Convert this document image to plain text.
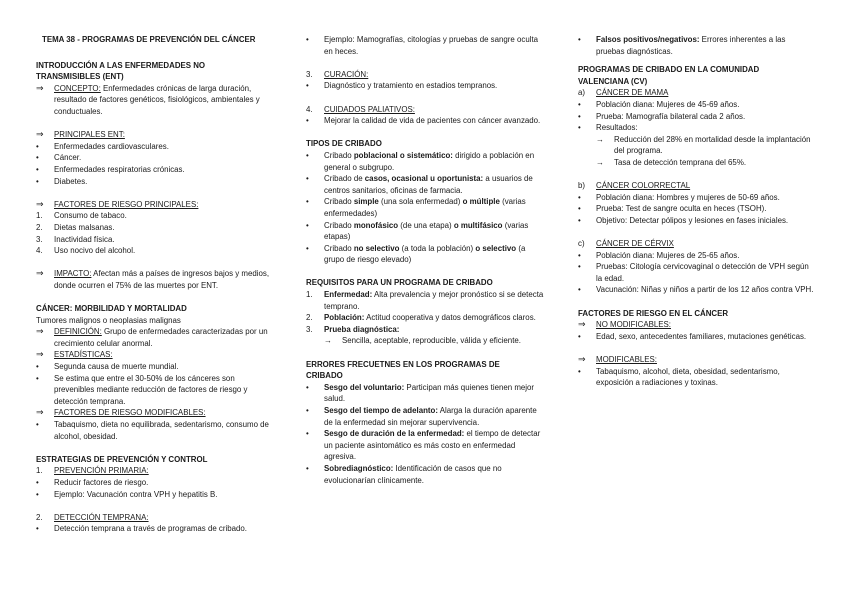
TEMA 38 - PROGRAMAS DE PREVENCIÓN DEL CÁNCER
INTRODUCCIÓN A LAS ENFERMEDADES NO
TRANSMISIBLES (ENT)
⇒ CONCEPTO: Enfermedades crónicas de larga duración, resultado de factores genéticos, fisiológicos, ambientales y conductuales.
⇒ PRINCIPALES ENT:
• Enfermedades cardiovasculares.
• Cáncer.
• Enfermedades respiratorias crónicas.
• Diabetes.
⇒ FACTORES DE RIESGO PRINCIPALES:
1. Consumo de tabaco.
2. Dietas malsanas.
3. Inactividad física.
4. Uso nocivo del alcohol.
⇒ IMPACTO: Afectan más a países de ingresos bajos y medios, donde ocurren el 75% de las muertes por ENT.
CÁNCER: MORBILIDAD Y MORTALIDAD
Tumores malignos o neoplasias malignas
⇒ DEFINICIÓN: Grupo de enfermedades caracterizadas por un crecimiento celular anormal.
⇒ ESTADÍSTICAS:
• Segunda causa de muerte mundial.
• Se estima que entre el 30-50% de los cánceres son prevenibles mediante reducción de factores de riesgo y detección temprana.
⇒ FACTORES DE RIESGO MODIFICABLES:
• Tabaquismo, dieta no equilibrada, sedentarismo, consumo de alcohol, obesidad.
ESTRATEGIAS DE PREVENCIÓN Y CONTROL
1. PREVENCIÓN PRIMARIA:
• Reducir factores de riesgo.
• Ejemplo: Vacunación contra VPH y hepatitis B.
2. DETECCIÓN TEMPRANA:
• Detección temprana a través de programas de cribado.
• Ejemplo: Mamografías, citologías y pruebas de sangre oculta en heces.
3. CURACIÓN:
• Diagnóstico y tratamiento en estadios tempranos.
4. CUIDADOS PALIATIVOS:
• Mejorar la calidad de vida de pacientes con cáncer avanzado.
TIPOS DE CRIBADO
• Cribado poblacional o sistemático: dirigido a población en general o subgrupo.
• Cribado de casos, ocasional u oportunista: a usuarios de centros sanitarios, oficinas de farmacia.
• Cribado simple (una sola enfermedad) o múltiple (varias enfermedades)
• Cribado monofásico (de una etapa) o multifásico (varias etapas)
• Cribado no selectivo (a toda la población) o selectivo (a grupo de riesgo elevado)
REQUISITOS PARA UN PROGRAMA DE CRIBADO
1. Enfermedad: Alta prevalencia y mejor pronóstico si se detecta temprano.
2. Población: Actitud cooperativa y datos demográficos claros.
3. Prueba diagnóstica:
→ Sencilla, aceptable, reproducible, válida y eficiente.
ERRORES FRECUETNES EN LOS PROGRAMAS DE
CRIBADO
• Sesgo del voluntario: Participan más quienes tienen mejor salud.
• Sesgo del tiempo de adelanto: Alarga la duración aparente de la enfermedad sin mejorar supervivencia.
• Sesgo de duración de la enfermedad: el tiempo de detectar un paciente asintomático es más costo en enfermedad agresiva.
• Sobrediagnóstico: Identificación de casos que no evolucionarían clínicamente.
• Falsos positivos/negativos: Errores inherentes a las pruebas diagnósticas.
PROGRAMAS DE CRIBADO EN LA COMUNIDAD
VALENCIANA (CV)
a) CÁNCER DE MAMA
• Población diana: Mujeres de 45-69 años.
• Prueba: Mamografía bilateral cada 2 años.
• Resultados:
→ Reducción del 28% en mortalidad desde la implantación del programa.
→ Tasa de detección temprana del 65%.
b) CÁNCER COLORRECTAL
• Población diana: Hombres y mujeres de 50-69 años.
• Prueba: Test de sangre oculta en heces (TSOH).
• Objetivo: Detectar pólipos y lesiones en fases iniciales.
c) CÁNCER DE CÉRVIX
• Población diana: Mujeres de 25-65 años.
• Pruebas: Citología cervicovaginal o detección de VPH según la edad.
• Vacunación: Niñas y niños a partir de los 12 años contra VPH.
FACTORES DE RIESGO EN EL CÁNCER
⇒ NO MODIFICABLES:
• Edad, sexo, antecedentes familiares, mutaciones genéticas.
⇒ MODIFICABLES:
• Tabaquismo, alcohol, dieta, obesidad, sedentarismo, exposición a radiaciones y toxinas.
